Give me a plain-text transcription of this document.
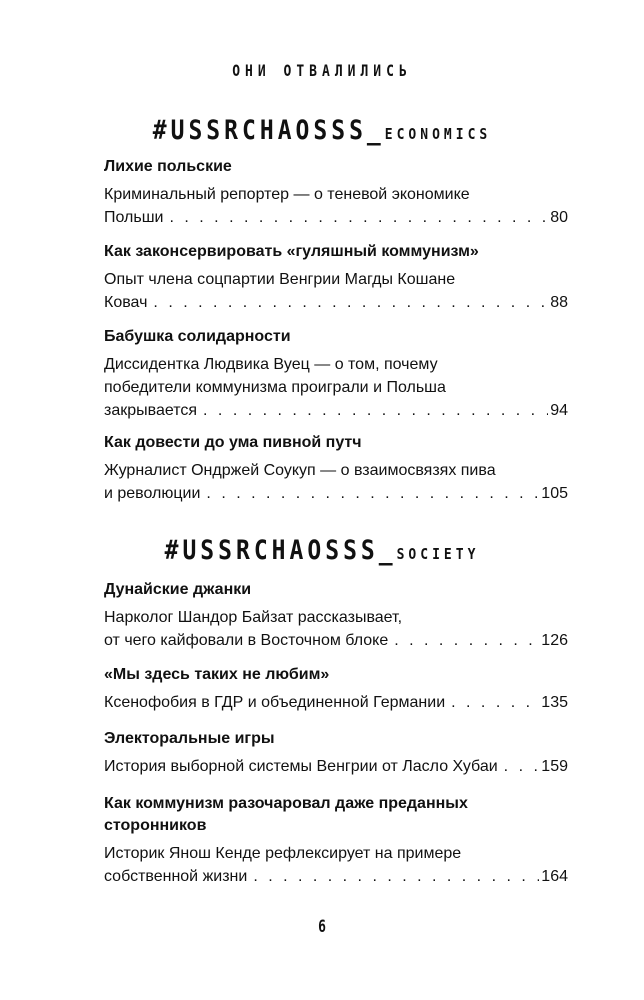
ОНИ ОТВАЛИЛИСЬ
#USSRCHAOSSS_ECONOMICS
Лихие польские
Криминальный репортер — о теневой экономике
Польши . . .	80
Как законсервировать «гуляшный коммунизм»
Опыт члена соцпартии Венгрии Магды Кошане
Ковач . . .	88
Бабушка солидарности
Диссидентка Людвика Вуец — о том, почему
победители коммунизма проиграли и Польша
закрывается . . .	94
Как довести до ума пивной путч
Журналист Ондржей Соукуп — о взаимосвязях пива
и революции . . .	105
#USSRCHAOSSS_SOCIETY
Дунайские джанки
Нарколог Шандор Байзат рассказывает,
от чего кайфовали в Восточном блоке . . .	126
«Мы здесь таких не любим»
Ксенофобия в ГДР и объединенной Германии . . .	135
Электоральные игры
История выборной системы Венгрии от Ласло Хубаи . . .	159
Как коммунизм разочаровал даже преданных
сторонников
Историк Янош Кенде рефлексирует на примере
собственной жизни . . .	164
6
